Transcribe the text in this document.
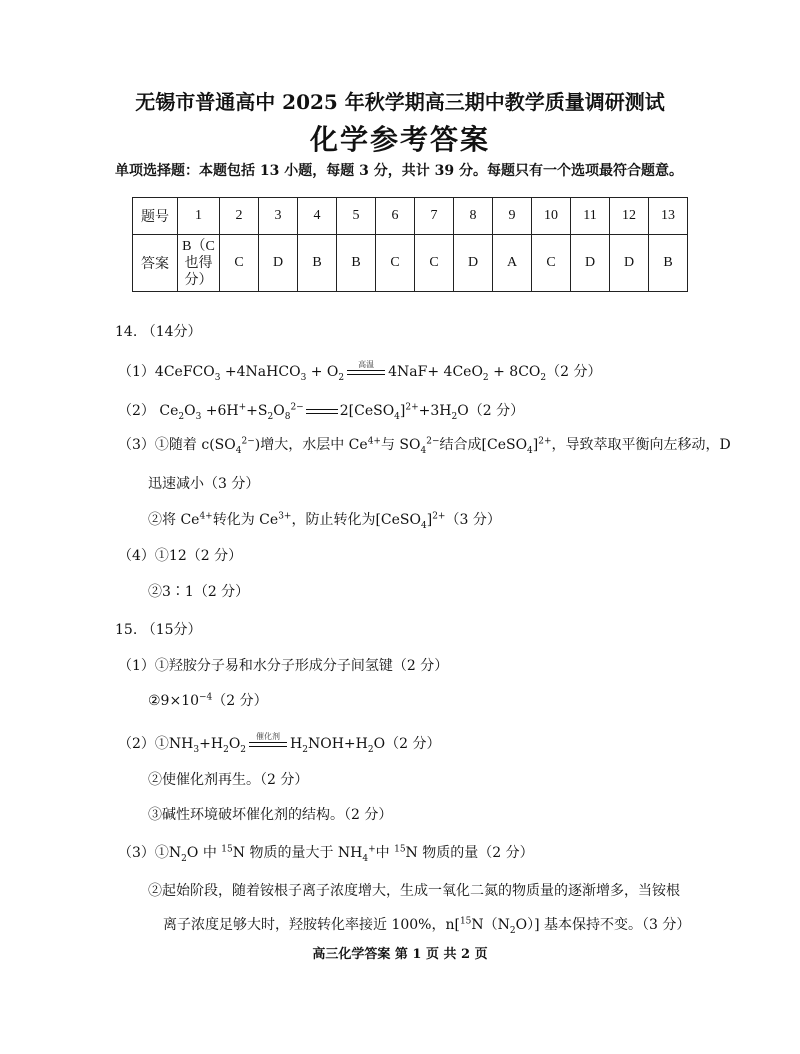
无锡市普通高中 2025 年秋学期高三期中教学质量调研测试
化学参考答案
单项选择题：本题包括 13 小题，每题 3 分，共计 39 分。每题只有一个选项最符合题意。
题号	1	2	3	4	5	6	7	8	9	10	11	12	13
答案	B（C
也得
分）	C	D	B	B	C	C	D	A	C	D	D	B
14. （14分）
（1）4CeFCO$_3$ +4NaHCO$_3$ + $O_2$
高温	$4NaF+ 4CeO_2 + 8CO_2(2$ 分）
（2） $Ce_2O_3 +6H^++S_2O_8^{2-}$	$2[CeSO_4]^{2+}+3H_2O(2$ 分）
（3）①随着 $c(SO_4^{2-})$增大，水层中 $Ce^{4+}$与 $SO_4^{2-}$结合成[CeSO$_4$]$^{2+}$，导致萃取平衡向左移动，D
迅速减小（3 分）
②将 $Ce^{4+}$转化为 $Ce^{3+}$，防止转化为[CeSO$_4$]$^{2+}$（3 分）
（4）①12（2 分）
②3∶1（2 分）
15. （15分）
（1）①羟胺分子易和水分子形成分子间氢键（2 分）
$②9\times 10^{-4}(2$ 分）
$(2)①NH_3+H_2O_2$
催化剂 $H_2NOH+H_2O(2$ 分）
②使催化剂再生。（2 分）
③碱性环境破坏催化剂的结构。（2 分）
$(3)①N_2O$ 中 $^{15}$N 物质的量大于 $NH_4^+$中 $^{15}$N 物质的量（2 分）
②起始阶段，随着铵根子离子浓度增大，生成一氧化二氮的物质量的逐渐增多，当铵根
离子浓度足够大时，羟胺转化率接近 100%，$n[^{15}N(N_2O)]$ 基本保持不变。（3 分）
高三化学答案 第 1 页 共 2 页
